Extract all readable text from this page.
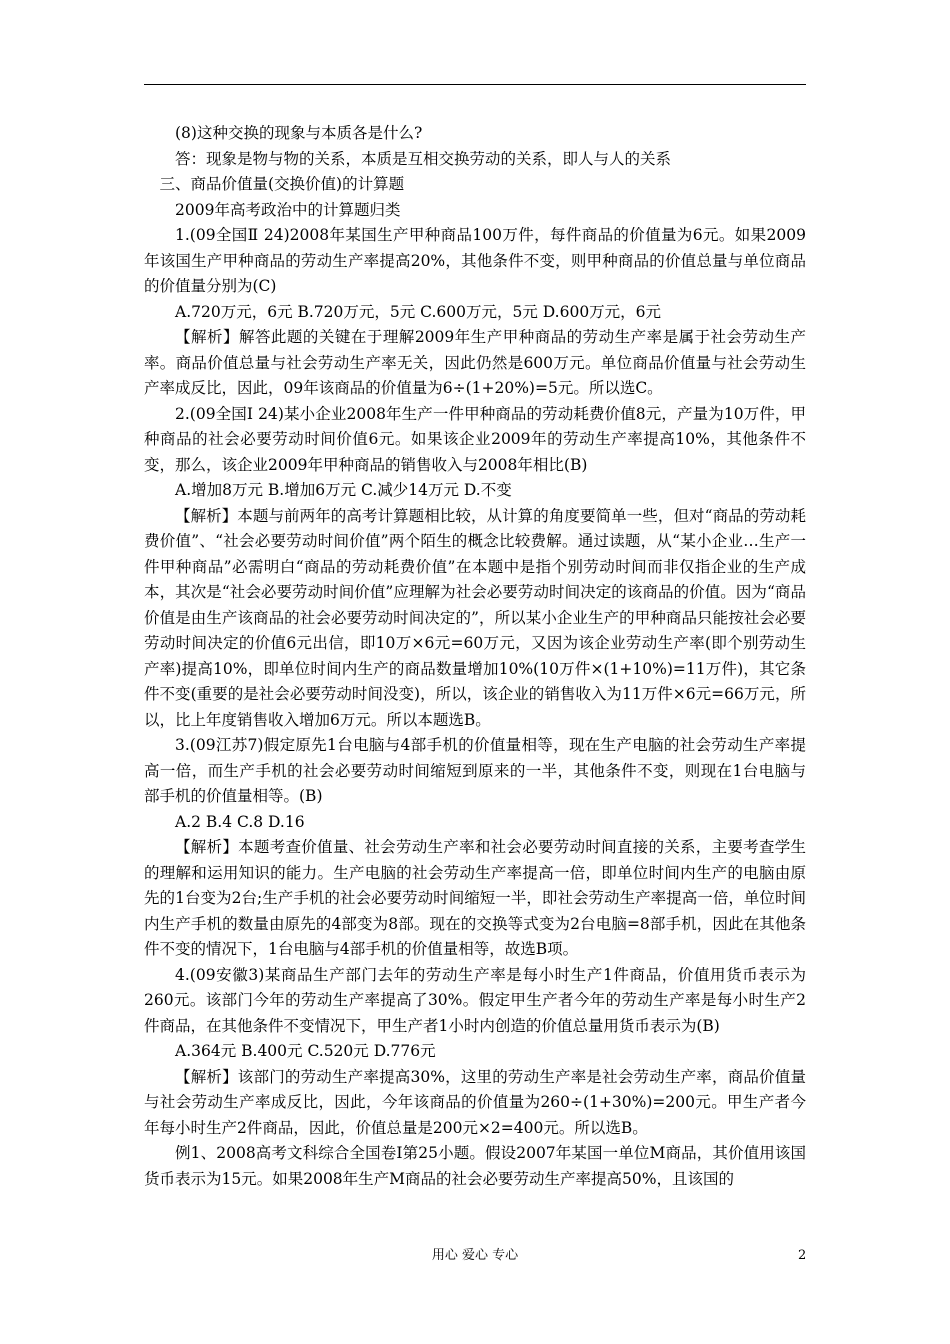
(8)这种交换的现象与本质各是什么?

答：现象是物与物的关系，本质是互相交换劳动的关系，即人与人的关系

三、商品价值量(交换价值)的计算题

2009年高考政治中的计算题归类

1.(09全国Ⅱ 24)2008年某国生产甲种商品100万件，每件商品的价值量为6元。如果2009年该国生产甲种商品的劳动生产率提高20%，其他条件不变，则甲种商品的价值总量与单位商品的价值量分别为(C)

A.720万元，6元 B.720万元，5元 C.600万元，5元 D.600万元，6元

【解析】解答此题的关键在于理解2009年生产甲种商品的劳动生产率是属于社会劳动生产率。商品价值总量与社会劳动生产率无关，因此仍然是600万元。单位商品价值量与社会劳动生产率成反比，因此，09年该商品的价值量为6÷(1+20%)=5元。所以选C。

2.(09全国Ⅰ 24)某小企业2008年生产一件甲种商品的劳动耗费价值8元，产量为10万件，甲种商品的社会必要劳动时间价值6元。如果该企业2009年的劳动生产率提高10%，其他条件不变，那么，该企业2009年甲种商品的销售收入与2008年相比(B)

A.增加8万元 B.增加6万元 C.减少14万元 D.不变

【解析】本题与前两年的高考计算题相比较，从计算的角度要简单一些，但对“商品的劳动耗费价值”、“社会必要劳动时间价值”两个陌生的概念比较费解。通过读题，从“某小企业…生产一件甲种商品”必需明白“商品的劳动耗费价值”在本题中是指个别劳动时间而非仅指企业的生产成本，其次是“社会必要劳动时间价值”应理解为社会必要劳动时间决定的该商品的价值。因为“商品价值是由生产该商品的社会必要劳动时间决定的”，所以某小企业生产的甲种商品只能按社会必要劳动时间决定的价值6元出信，即10万×6元=60万元，又因为该企业劳动生产率(即个别劳动生产率)提高10%，即单位时间内生产的商品数量增加10%(10万件×(1+10%)=11万件)，其它条件不变(重要的是社会必要劳动时间没变)，所以，该企业的销售收入为11万件×6元=66万元，所以，比上年度销售收入增加6万元。所以本题选B。

3.(09江苏7)假定原先1台电脑与4部手机的价值量相等，现在生产电脑的社会劳动生产率提高一倍，而生产手机的社会必要劳动时间缩短到原来的一半，其他条件不变，则现在1台电脑与 部手机的价值量相等。(B)

A.2 B.4 C.8 D.16

【解析】本题考查价值量、社会劳动生产率和社会必要劳动时间直接的关系，主要考查学生的理解和运用知识的能力。生产电脑的社会劳动生产率提高一倍，即单位时间内生产的电脑由原先的1台变为2台;生产手机的社会必要劳动时间缩短一半，即社会劳动生产率提高一倍，单位时间内生产手机的数量由原先的4部变为8部。现在的交换等式变为2台电脑=8部手机，因此在其他条件不变的情况下，1台电脑与4部手机的价值量相等，故选B项。

4.(09安徽3)某商品生产部门去年的劳动生产率是每小时生产1件商品，价值用货币表示为260元。该部门今年的劳动生产率提高了30%。假定甲生产者今年的劳动生产率是每小时生产2件商品，在其他条件不变情况下，甲生产者1小时内创造的价值总量用货币表示为(B)

A.364元 B.400元 C.520元 D.776元

【解析】该部门的劳动生产率提高30%，这里的劳动生产率是社会劳动生产率，商品价值量与社会劳动生产率成反比，因此，今年该商品的价值量为260÷(1+30%)=200元。甲生产者今年每小时生产2件商品，因此，价值总量是200元×2=400元。所以选B。

例1、2008高考文科综合全国卷Ⅰ第25小题。假设2007年某国一单位M商品，其价值用该国货币表示为15元。如果2008年生产M商品的社会必要劳动生产率提高50%，且该国的

用心 爱心 专心	2
